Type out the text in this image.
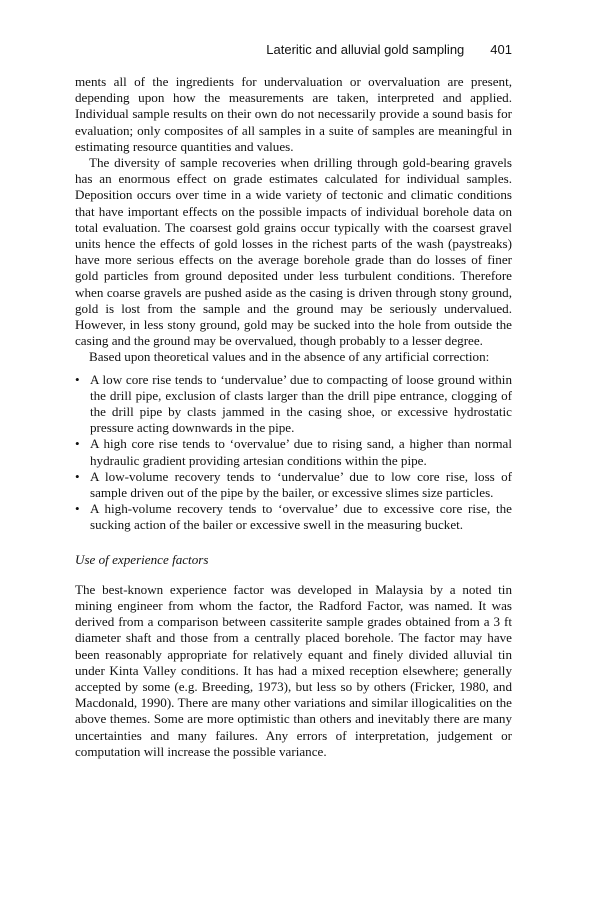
Lateritic and alluvial gold sampling 401

ments all of the ingredients for undervaluation or overvaluation are present, depending upon how the measurements are taken, interpreted and applied. Individual sample results on their own do not necessarily provide a sound basis for evaluation; only composites of all samples in a suite of samples are meaningful in estimating resource quantities and values.

The diversity of sample recoveries when drilling through gold-bearing gravels has an enormous effect on grade estimates calculated for individual samples. Deposition occurs over time in a wide variety of tectonic and climatic conditions that have important effects on the possible impacts of individual borehole data on total evaluation. The coarsest gold grains occur typically with the coarsest gravel units hence the effects of gold losses in the richest parts of the wash (paystreaks) have more serious effects on the average borehole grade than do losses of finer gold particles from ground deposited under less turbulent conditions. Therefore when coarse gravels are pushed aside as the casing is driven through stony ground, gold is lost from the sample and the ground may be seriously undervalued. However, in less stony ground, gold may be sucked into the hole from outside the casing and the ground may be overvalued, though probably to a lesser degree.

Based upon theoretical values and in the absence of any artificial correction:

• A low core rise tends to ‘undervalue’ due to compacting of loose ground within the drill pipe, exclusion of clasts larger than the drill pipe entrance, clogging of the drill pipe by clasts jammed in the casing shoe, or excessive hydrostatic pressure acting downwards in the pipe.
• A high core rise tends to ‘overvalue’ due to rising sand, a higher than normal hydraulic gradient providing artesian conditions within the pipe.
• A low-volume recovery tends to ‘undervalue’ due to low core rise, loss of sample driven out of the pipe by the bailer, or excessive slimes size particles.
• A high-volume recovery tends to ‘overvalue’ due to excessive core rise, the sucking action of the bailer or excessive swell in the measuring bucket.
Use of experience factors

The best-known experience factor was developed in Malaysia by a noted tin mining engineer from whom the factor, the Radford Factor, was named. It was derived from a comparison between cassiterite sample grades obtained from a 3 ft diameter shaft and those from a centrally placed borehole. The factor may have been reasonably appropriate for relatively equant and finely divided alluvial tin under Kinta Valley conditions. It has had a mixed reception elsewhere; generally accepted by some (e.g. Breeding, 1973), but less so by others (Fricker, 1980, and Macdonald, 1990). There are many other variations and similar illogicalities on the above themes. Some are more optimistic than others and inevitably there are many uncertainties and many failures. Any errors of interpretation, judgement or computation will increase the possible variance.
